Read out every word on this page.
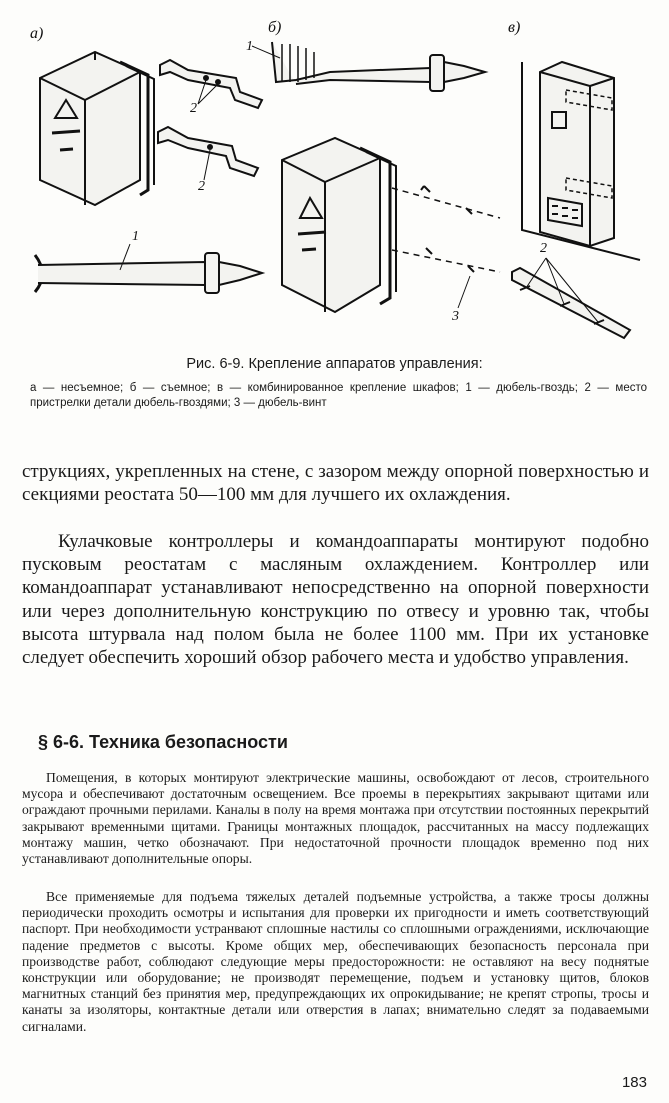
а)	б)	в)
2
2
1
1
3
2
Рис. 6-9. Крепление аппаратов управления:
а — несъемное; б — съемное; в — комбинированное крепление шкафов; 1 — дюбель-гвоздь; 2 — место пристрелки детали дюбель-гвоздями; 3 — дюбель-винт
струкциях, укрепленных на стене, с зазором между опорной поверхностью и секциями реостата 50—100 мм для лучшего их охлаждения.
Кулачковые контроллеры и командоаппараты монтируют подобно пусковым реостатам с масляным охлаждением. Контроллер или командоаппарат устанавливают непосредственно на опорной поверхности или через дополнительную конструкцию по отвесу и уровню так, чтобы высота штурвала над полом была не более 1100 мм. При их установке следует обеспечить хороший обзор рабочего места и удобство управления.
§ 6-6. Техника безопасности
Помещения, в которых монтируют электрические машины, освобождают от лесов, строительного мусора и обеспечивают достаточным освещением. Все проемы в перекрытиях закрывают щитами или ограждают прочными перилами. Каналы в полу на время монтажа при отсутствии постоянных перекрытий закрывают временными щитами. Границы монтажных площадок, рассчитанных на массу подлежащих монтажу машин, четко обозначают. При недостаточной прочности площадок временно под них устанавливают дополнительные опоры.
Все применяемые для подъема тяжелых деталей подъемные устройства, а также тросы должны периодически проходить осмотры и испытания для проверки их пригодности и иметь соответствующий паспорт. При необходимости устранвают сплошные настилы со сплошными ограждениями, исключающие падение предметов с высоты. Кроме общих мер, обеспечивающих безопасность персонала при производстве работ, соблюдают следующие меры предосторожности: не оставляют на весу поднятые конструкции или оборудование; не производят перемещение, подъем и установку щитов, блоков магнитных станций без принятия мер, предупреждающих их опрокидывание; не крепят стропы, тросы и канаты за изоляторы, контактные детали или отверстия в лапах; внимательно следят за подаваемыми сигналами.
183
